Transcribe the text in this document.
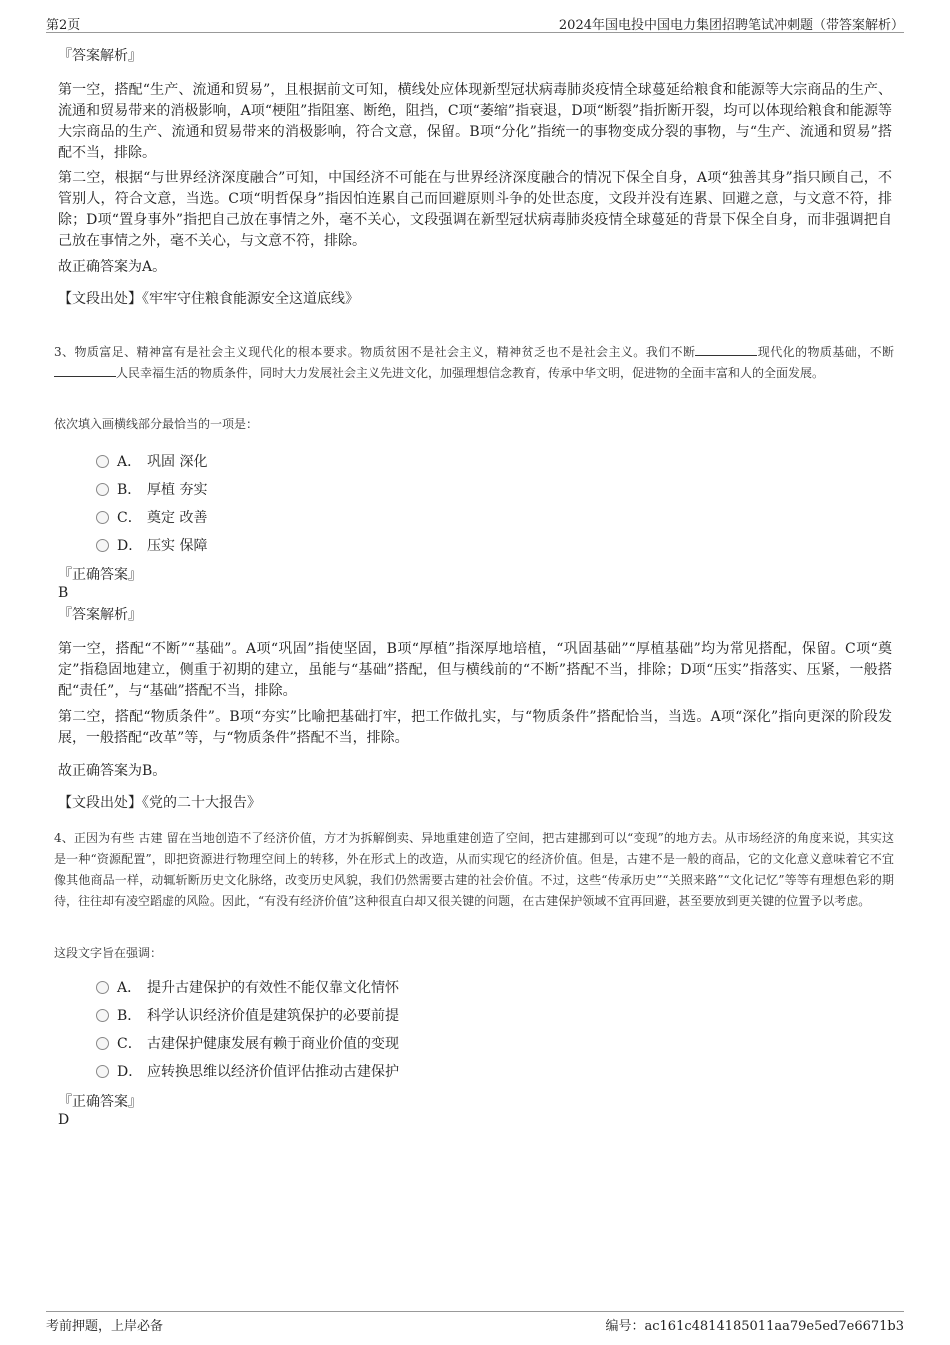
第2页	2024年国电投中国电力集团招聘笔试冲刺题（带答案解析）
『答案解析』
第一空，搭配“生产、流通和贸易”，且根据前文可知，横线处应体现新型冠状病毒肺炎疫情全球蔓延给粮食和能源等大宗商品的生产、流通和贸易带来的消极影响，A项“梗阻”指阻塞、断绝，阻挡，C项“萎缩”指衰退，D项“断裂”指折断开裂，均可以体现给粮食和能源等大宗商品的生产、流通和贸易带来的消极影响，符合文意，保留。B项“分化”指统一的事物变成分裂的事物，与“生产、流通和贸易”搭配不当，排除。
第二空，根据“与世界经济深度融合”可知，中国经济不可能在与世界经济深度融合的情况下保全自身，A项“独善其身”指只顾自己，不管别人，符合文意，当选。C项“明哲保身”指因怕连累自己而回避原则斗争的处世态度，文段并没有连累、回避之意，与文意不符，排除；D项“置身事外”指把自己放在事情之外，毫不关心，文段强调在新型冠状病毒肺炎疫情全球蔓延的背景下保全自身，而非强调把自己放在事情之外，毫不关心，与文意不符，排除。
故正确答案为A。
【文段出处】《牢牢守住粮食能源安全这道底线》
3、物质富足、精神富有是社会主义现代化的根本要求。物质贫困不是社会主义，精神贫乏也不是社会主义。我们不断	现代化的物质基础，不断人民幸福生活的物质条件，同时大力发展社会主义先进文化，加强理想信念教育，传承中华文明，促进物的全面丰富和人的全面发展。
依次填入画横线部分最恰当的一项是：
A． 巩固 深化
B． 厚植 夯实
C． 奠定 改善
D． 压实 保障
『正确答案』
B
『答案解析』
第一空，搭配“不断”“基础”。A项“巩固”指使坚固，B项“厚植”指深厚地培植，“巩固基础”“厚植基础”均为常见搭配，保留。C项“奠定”指稳固地建立，侧重于初期的建立，虽能与“基础”搭配，但与横线前的“不断”搭配不当，排除；D项“压实”指落实、压紧，一般搭配“责任”，与“基础”搭配不当，排除。
第二空，搭配“物质条件”。B项“夯实”比喻把基础打牢，把工作做扎实，与“物质条件”搭配恰当，当选。A项“深化”指向更深的阶段发展，一般搭配“改革”等，与“物质条件”搭配不当，排除。
故正确答案为B。
【文段出处】《党的二十大报告》
4、正因为有些 古建 留在当地创造不了经济价值，方才为拆解倒卖、异地重建创造了空间，把古建挪到可以“变现”的地方去。从市场经济的角度来说，其实这是一种“资源配置”，即把资源进行物理空间上的转移，外在形式上的改造，从而实现它的经济价值。但是，古建不是一般的商品，它的文化意义意味着它不宜像其他商品一样，动辄斩断历史文化脉络，改变历史风貌，我们仍然需要古建的社会价值。不过，这些“传承历史”“关照来路”“文化记忆”等等有理想色彩的期待，往往却有凌空蹈虚的风险。因此，“有没有经济价值”这种很直白却又很关键的问题，在古建保护领域不宜再回避，甚至要放到更关键的位置予以考虑。
这段文字旨在强调：
A． 提升古建保护的有效性不能仅靠文化情怀
B． 科学认识经济价值是建筑保护的必要前提
C． 古建保护健康发展有赖于商业价值的变现
D． 应转换思维以经济价值评估推动古建保护
『正确答案』
D
考前押题，上岸必备	编号：ac161c4814185011aa79e5ed7e6671b3
